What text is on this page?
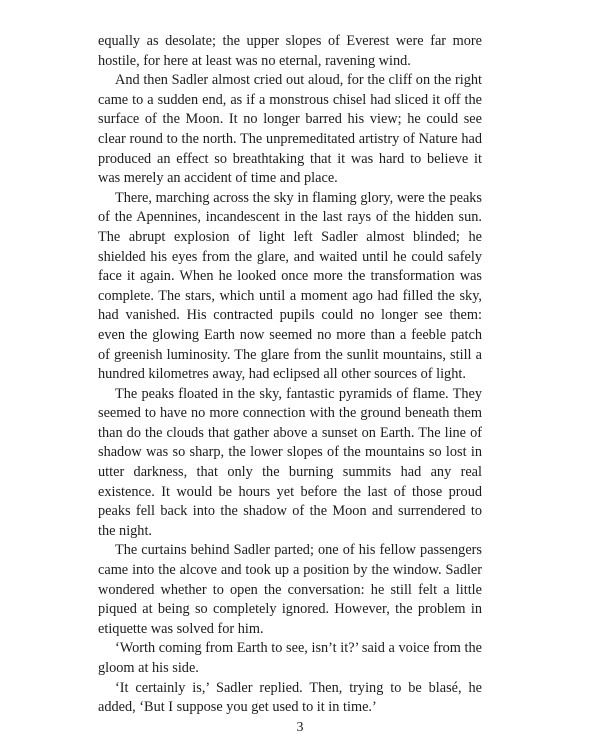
equally as desolate; the upper slopes of Everest were far more hostile, for here at least was no eternal, ravening wind.

And then Sadler almost cried out aloud, for the cliff on the right came to a sudden end, as if a monstrous chisel had sliced it off the surface of the Moon. It no longer barred his view; he could see clear round to the north. The unpremeditated artistry of Nature had produced an effect so breathtaking that it was hard to believe it was merely an accident of time and place.

There, marching across the sky in flaming glory, were the peaks of the Apennines, incandescent in the last rays of the hidden sun. The abrupt explosion of light left Sadler almost blinded; he shielded his eyes from the glare, and waited until he could safely face it again. When he looked once more the transformation was complete. The stars, which until a moment ago had filled the sky, had vanished. His contracted pupils could no longer see them: even the glowing Earth now seemed no more than a feeble patch of greenish luminosity. The glare from the sunlit mountains, still a hundred kilometres away, had eclipsed all other sources of light.

The peaks floated in the sky, fantastic pyramids of flame. They seemed to have no more connection with the ground beneath them than do the clouds that gather above a sunset on Earth. The line of shadow was so sharp, the lower slopes of the mountains so lost in utter darkness, that only the burning summits had any real existence. It would be hours yet before the last of those proud peaks fell back into the shadow of the Moon and surrendered to the night.

The curtains behind Sadler parted; one of his fellow passengers came into the alcove and took up a position by the window. Sadler wondered whether to open the conversation: he still felt a little piqued at being so completely ignored. However, the problem in etiquette was solved for him.

‘Worth coming from Earth to see, isn’t it?’ said a voice from the gloom at his side.

‘It certainly is,’ Sadler replied. Then, trying to be blasé, he added, ‘But I suppose you get used to it in time.’

3
